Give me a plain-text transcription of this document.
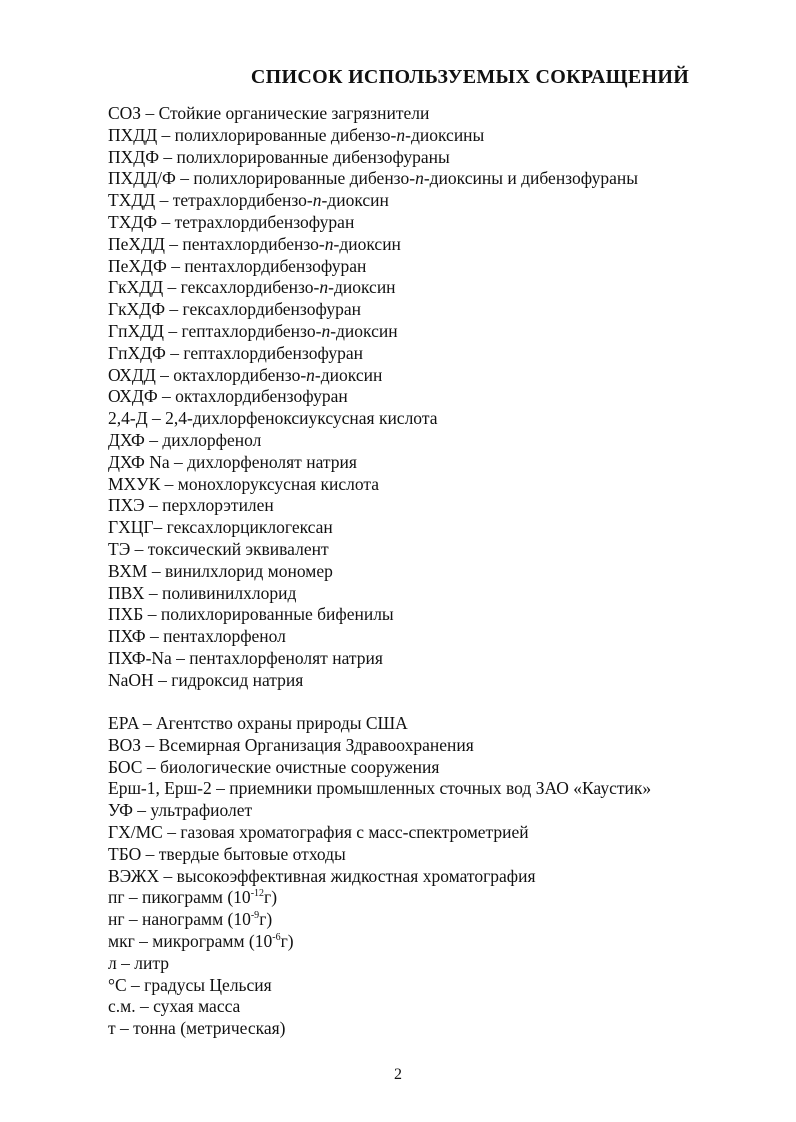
СПИСОК ИСПОЛЬЗУЕМЫХ СОКРАЩЕНИЙ
СОЗ – Стойкие органические загрязнители
ПХДД – полихлорированные дибензо-п-диоксины
ПХДФ – полихлорированные дибензофураны
ПХДД/Ф – полихлорированные дибензо-п-диоксины и дибензофураны
ТХДД – тетрахлордибензо-п-диоксин
ТХДФ – тетрахлордибензофуран
ПеХДД – пентахлордибензо-п-диоксин
ПеХДФ – пентахлордибензофуран
ГкХДД – гексахлордибензо-п-диоксин
ГкХДФ – гексахлордибензофуран
ГпХДД – гептахлордибензо-п-диоксин
ГпХДФ – гептахлордибензофуран
ОХДД – октахлордибензо-п-диоксин
ОХДФ – октахлордибензофуран
2,4-Д – 2,4-дихлорфеноксиуксусная кислота
ДХФ – дихлорфенол
ДХФ Na – дихлорфенолят натрия
МХУК – монохлоруксусная кислота
ПХЭ – перхлорэтилен
ГХЦГ– гексахлорциклогексан
ТЭ – токсический эквивалент
ВХМ – винилхлорид мономер
ПВХ – поливинилхлорид
ПХБ – полихлорированные бифенилы
ПХФ – пентахлорфенол
ПХФ-Na – пентахлорфенолят натрия
NaOH – гидроксид натрия
EPA – Агентство охраны природы США
ВОЗ – Всемирная Организация Здравоохранения
БОС – биологические очистные сооружения
Ерш-1, Ерш-2 – приемники промышленных сточных вод ЗАО «Каустик»
УФ – ультрафиолет
ГХ/МС – газовая хроматография с масс-спектрометрией
ТБО – твердые бытовые отходы
ВЭЖХ – высокоэффективная жидкостная хроматография
пг – пикограмм $(10^{-12}г)$
нг – нанограмм $(10^{-9}г)$
мкг – микрограмм $(10^{-6}г)$
л – литр
°С – градусы Цельсия
с.м. – сухая масса
т – тонна (метрическая)
2
